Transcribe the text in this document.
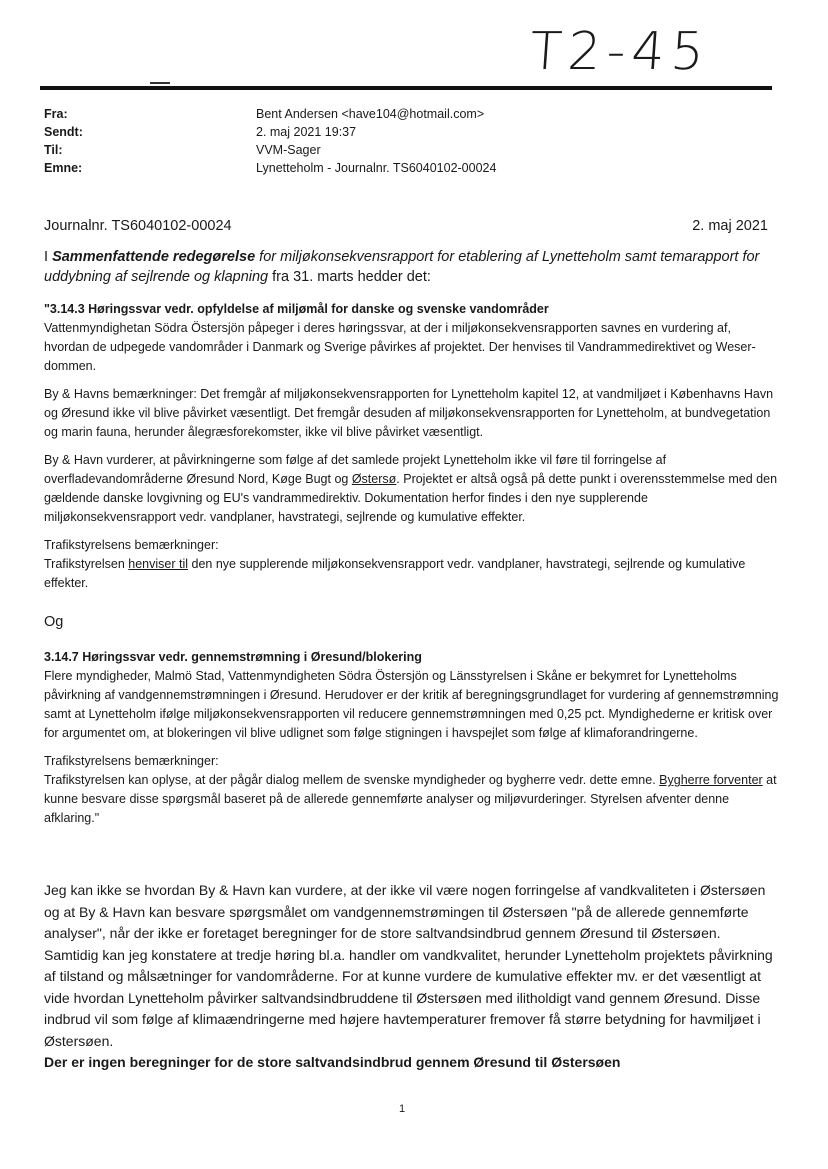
T2-45
Fra:	Bent Andersen <have104@hotmail.com>
Sendt:	2. maj 2021 19:37
Til:	VVM-Sager
Emne:	Lynetteholm - Journalnr. TS6040102-00024
Journalnr. TS6040102-00024	2. maj 2021
I Sammenfattende redegørelse for miljøkonsekvensrapport for etablering af Lynetteholm samt temarapport for uddybning af sejlrende og klapning fra 31. marts hedder det:
"3.14.3 Høringssvar vedr. opfyldelse af miljømål for danske og svenske vandområder

Vattenmyndighetan Södra Östersjön påpeger i deres høringssvar, at der i miljøkonsekvensrapporten savnes en vurdering af, hvordan de udpegede vandområder i Danmark og Sverige påvirkes af projektet. Der henvises til Vandrammedirektivet og Weser-dommen.

By & Havns bemærkninger: Det fremgår af miljøkonsekvensrapporten for Lynetteholm kapitel 12, at vandmiljøet i Københavns Havn og Øresund ikke vil blive påvirket væsentligt. Det fremgår desuden af miljøkonsekvensrapporten for Lynetteholm, at bundvegetation og marin fauna, herunder ålegræsforekomster, ikke vil blive påvirket væsentligt.

By & Havn vurderer, at påvirkningerne som følge af det samlede projekt Lynetteholm ikke vil føre til forringelse af overfladevandområderne Øresund Nord, Køge Bugt og Østersø. Projektet er altså også på dette punkt i overensstemmelse med den gældende danske lovgivning og EU's vandrammedirektiv. Dokumentation herfor findes i den nye supplerende miljøkonsekvensrapport vedr. vandplaner, havstrategi, sejlrende og kumulative effekter.

Trafikstyrelsens bemærkninger:
Trafikstyrelsen henviser til den nye supplerende miljøkonsekvensrapport vedr. vandplaner, havstrategi, sejlrende og kumulative effekter.

Og
3.14.7 Høringssvar vedr. gennemstrømning i Øresund/blokering

Flere myndigheder, Malmö Stad, Vattenmyndigheten Södra Östersjön og Länsstyrelsen i Skåne er bekymret for Lynetteholms påvirkning af vandgennemstrømningen i Øresund. Herudover er der kritik af beregningsgrundlaget for vurdering af gennemstrømning samt at Lynetteholm ifølge miljøkonsekvensrapporten vil reducere gennemstrømningen med 0,25 pct. Myndighederne er kritisk over for argumentet om, at blokeringen vil blive udlignet som følge stigningen i havspejlet som følge af klimaforandringerne.

Trafikstyrelsens bemærkninger:
Trafikstyrelsen kan oplyse, at der pågår dialog mellem de svenske myndigheder og bygherre vedr. dette emne. Bygherre forventer at kunne besvare disse spørgsmål baseret på de allerede gennemførte analyser og miljøvurderinger. Styrelsen afventer denne afklaring."

Jeg kan ikke se hvordan By & Havn kan vurdere, at der ikke vil være nogen forringelse af vandkvaliteten i Østersøen og at By & Havn kan besvare spørgsmålet om vandgennemstrømingen til Østersøen "på de allerede gennemførte analyser", når der ikke er foretaget beregninger for de store saltvandsindbrud gennem Øresund til Østersøen.

Samtidig kan jeg konstatere at tredje høring bl.a. handler om vandkvalitet, herunder Lynetteholm projektets påvirkning af tilstand og målsætninger for vandområderne. For at kunne vurdere de kumulative effekter mv. er det væsentligt at vide hvordan Lynetteholm påvirker saltvandsindbruddene til Østersøen med ilitholdigt vand gennem Øresund. Disse indbrud vil som følge af klimaændringerne med højere havtemperaturer fremover få større betydning for havmiljøet i Østersøen.

Der er ingen beregninger for de store saltvandsindbrud gennem Øresund til Østersøen

1
